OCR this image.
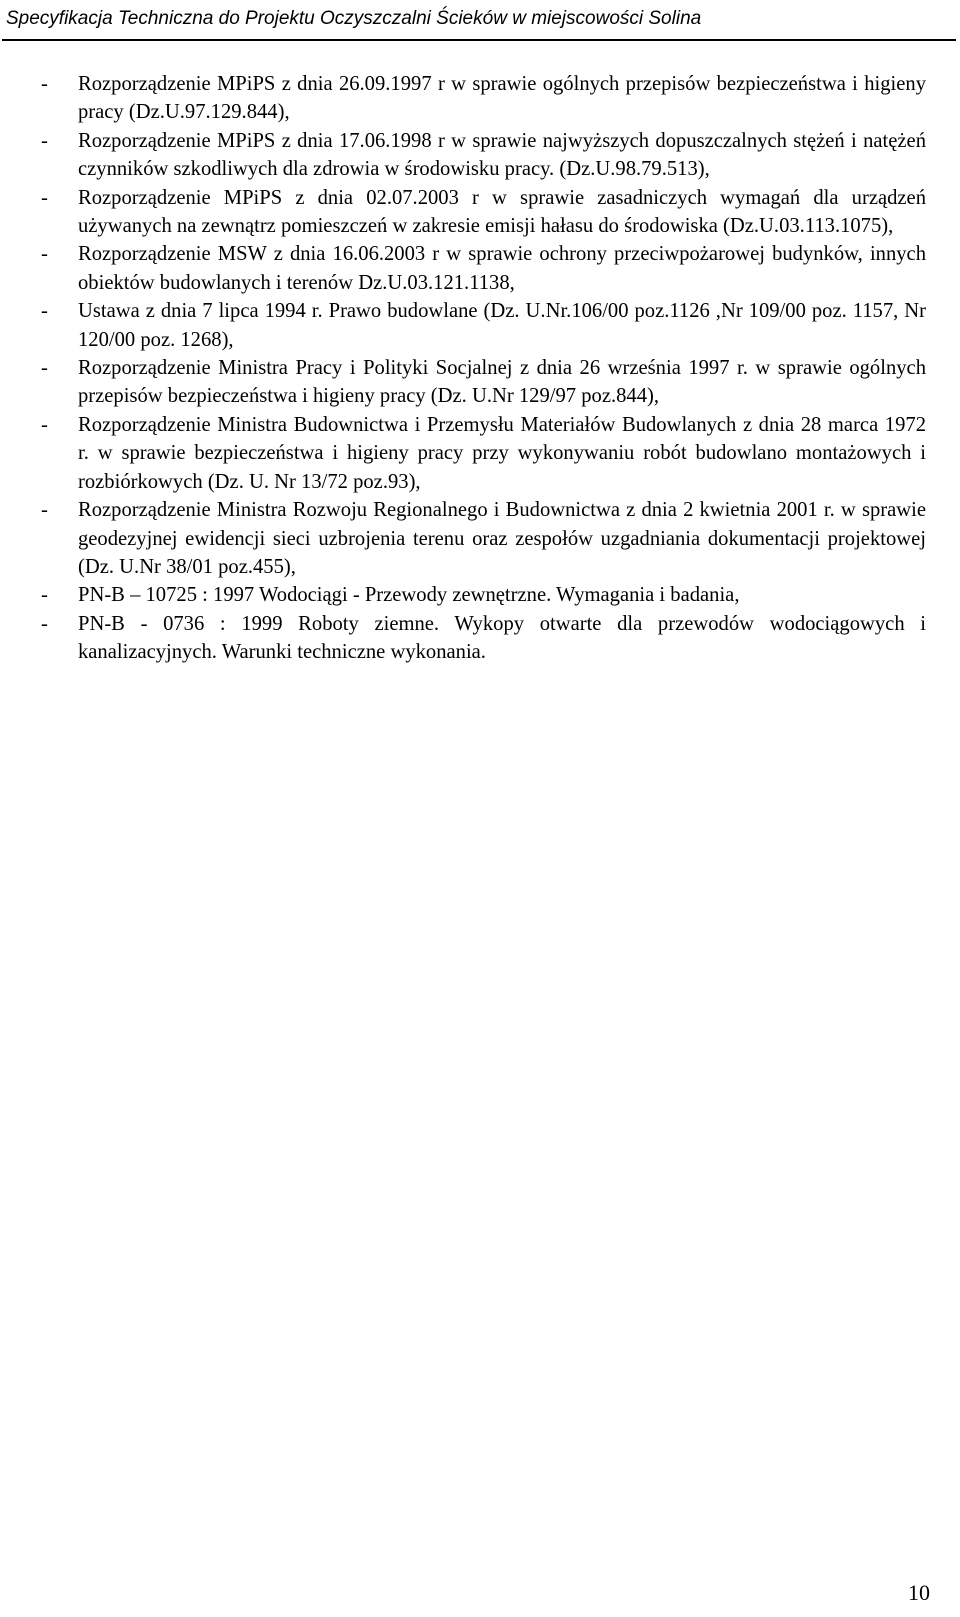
Specyfikacja Techniczna do Projektu Oczyszczalni Ścieków w miejscowości Solina
- Rozporządzenie MPiPS z dnia 26.09.1997 r w sprawie ogólnych przepisów bezpieczeństwa i higieny pracy (Dz.U.97.129.844),
- Rozporządzenie MPiPS z dnia 17.06.1998 r w sprawie najwyższych dopuszczalnych stężeń i natężeń czynników szkodliwych dla zdrowia w środowisku pracy. (Dz.U.98.79.513),
- Rozporządzenie MPiPS z dnia 02.07.2003 r w sprawie zasadniczych wymagań dla urządzeń używanych na zewnątrz pomieszczeń w zakresie emisji hałasu do środowiska (Dz.U.03.113.1075),
- Rozporządzenie MSW z dnia 16.06.2003 r w sprawie ochrony przeciwpożarowej budynków, innych obiektów budowlanych i terenów Dz.U.03.121.1138,
- Ustawa z dnia 7 lipca 1994 r. Prawo budowlane (Dz. U.Nr.106/00 poz.1126 ,Nr 109/00 poz. 1157, Nr 120/00 poz. 1268),
- Rozporządzenie Ministra Pracy i Polityki Socjalnej z dnia 26 września 1997 r. w sprawie ogólnych przepisów bezpieczeństwa i higieny pracy (Dz. U.Nr 129/97 poz.844),
- Rozporządzenie Ministra Budownictwa i Przemysłu Materiałów Budowlanych z dnia 28 marca 1972 r. w sprawie bezpieczeństwa i higieny pracy przy wykonywaniu robót budowlano montażowych i rozbiórkowych (Dz. U. Nr 13/72 poz.93),
- Rozporządzenie Ministra Rozwoju Regionalnego i Budownictwa z dnia 2 kwietnia 2001 r. w sprawie geodezyjnej ewidencji sieci uzbrojenia terenu oraz zespołów uzgadniania dokumentacji projektowej (Dz. U.Nr 38/01 poz.455),
- PN-B – 10725 : 1997 Wodociągi - Przewody zewnętrzne. Wymagania i badania,
- PN-B - 0736 : 1999 Roboty ziemne. Wykopy otwarte dla przewodów wodociągowych i kanalizacyjnych. Warunki techniczne wykonania.
10
